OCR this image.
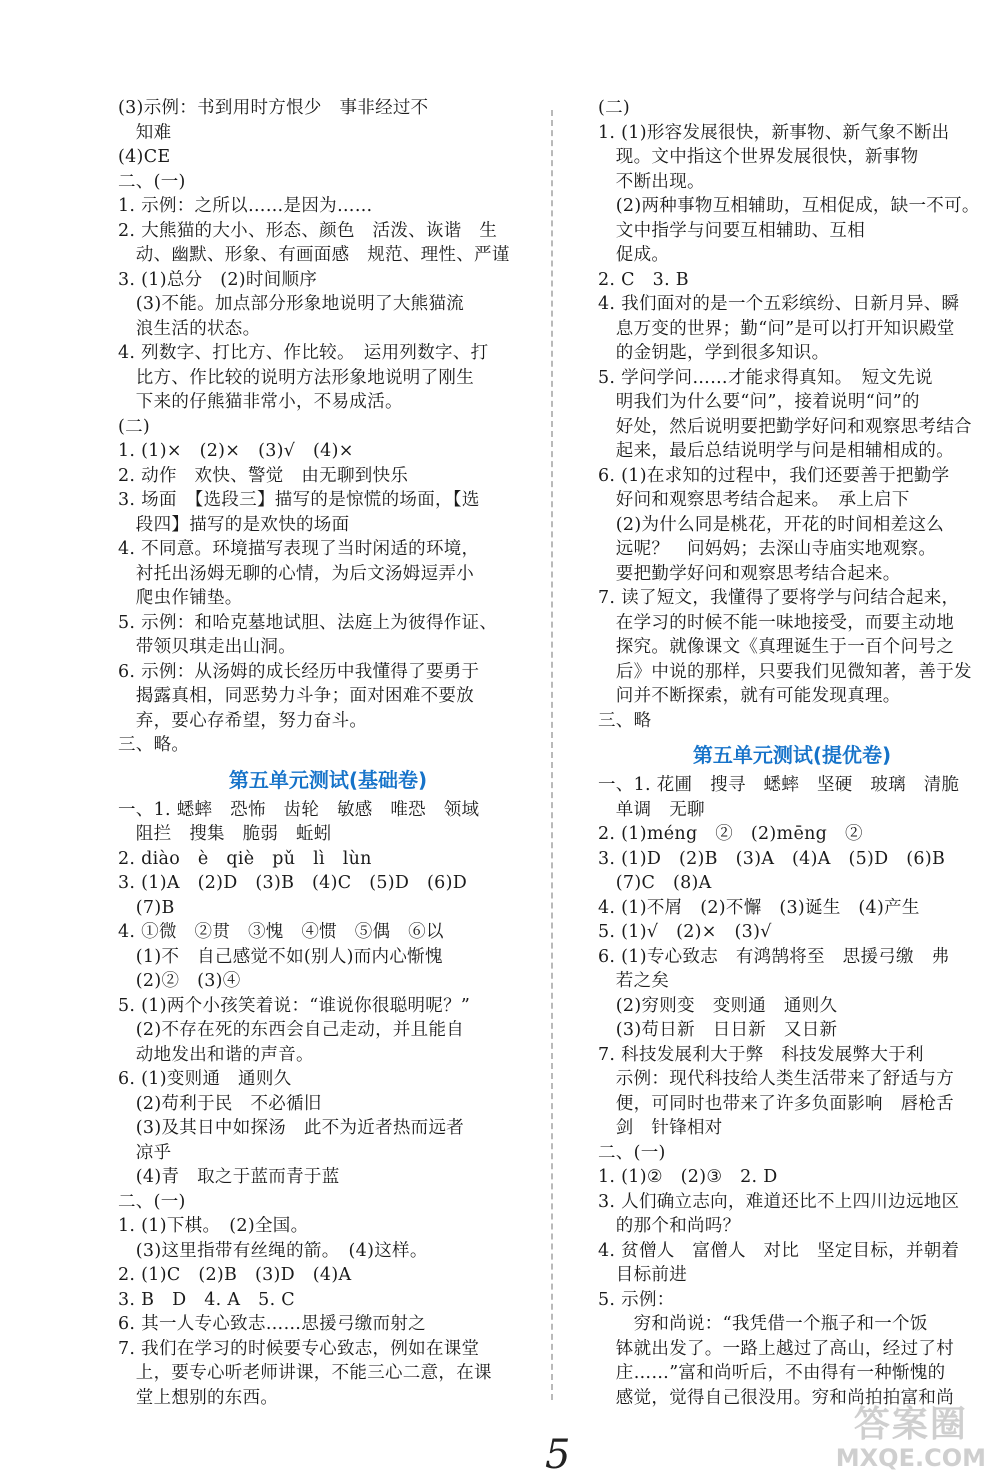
(3)示例：书到用时方恨少　事非经过不
　知难
(4)CE
二、(一)
1. 示例：之所以……是因为……
2. 大熊猫的大小、形态、颜色　活泼、诙谐　生
　动、幽默、形象、有画面感　规范、理性、严谨
3. (1)总分　(2)时间顺序
　(3)不能。加点部分形象地说明了大熊猫流
　浪生活的状态。
4. 列数字、打比方、作比较。　运用列数字、打
　比方、作比较的说明方法形象地说明了刚生
　下来的仔熊猫非常小，不易成活。
(二)
1. (1)×　(2)×　(3)√　(4)×
2. 动作　欢快、警觉　由无聊到快乐
3. 场面　【选段三】描写的是惊慌的场面，【选
　段四】描写的是欢快的场面
4. 不同意。环境描写表现了当时闲适的环境，
　衬托出汤姆无聊的心情，为后文汤姆逗弄小
　爬虫作铺垫。
5. 示例：和哈克墓地试胆、法庭上为彼得作证、
　带领贝琪走出山洞。
6. 示例：从汤姆的成长经历中我懂得了要勇于
　揭露真相，同恶势力斗争；面对困难不要放
　弃，要心存希望，努力奋斗。
三、略。
第五单元测试(基础卷)
一、1. 蟋蟀　恐怖　齿轮　敏感　唯恐　领域
　阻拦　搜集　脆弱　蚯蚓
2. diào　è　qiè　pǔ　lì　lùn
3. (1)A　(2)D　(3)B　(4)C　(5)D　(6)D
　(7)B
4. ①微　②贯　③愧　④惯　⑤偶　⑥以
　(1)不　自己感觉不如(别人)而内心惭愧
　(2)②　(3)④
5. (1)两个小孩笑着说：“谁说你很聪明呢？”
　(2)不存在死的东西会自己走动，并且能自
　动地发出和谐的声音。
6. (1)变则通　通则久
　(2)苟利于民　不必循旧
　(3)及其日中如探汤　此不为近者热而远者
　凉乎
　(4)青　取之于蓝而青于蓝
二、(一)
1. (1)下棋。　(2)全国。
　(3)这里指带有丝绳的箭。　(4)这样。
2. (1)C　(2)B　(3)D　(4)A
3. B　D　4. A　5. C
6. 其一人专心致志……思援弓缴而射之
7. 我们在学习的时候要专心致志，例如在课堂
　上，要专心听老师讲课，不能三心二意，在课
　堂上想别的东西。
(二)
1. (1)形容发展很快，新事物、新气象不断出
　现。文中指这个世界发展很快，新事物
　不断出现。
　(2)两种事物互相辅助，互相促成，缺一不可。
　文中指学与问要互相辅助、互相
　促成。
2. C　3. B
4. 我们面对的是一个五彩缤纷、日新月异、瞬
　息万变的世界；勤“问”是可以打开知识殿堂
　的金钥匙，学到很多知识。
5. 学问学问……才能求得真知。　短文先说
　明我们为什么要“问”，接着说明“问”的
　好处，然后说明要把勤学好问和观察思考结合
　起来，最后总结说明学与问是相辅相成的。
6. (1)在求知的过程中，我们还要善于把勤学
　好问和观察思考结合起来。　承上启下
　(2)为什么同是桃花，开花的时间相差这么
　远呢？　问妈妈；去深山寺庙实地观察。
　要把勤学好问和观察思考结合起来。
7. 读了短文，我懂得了要将学与问结合起来，
　在学习的时候不能一味地接受，而要主动地
　探究。就像课文《真理诞生于一百个问号之
　后》中说的那样，只要我们见微知著，善于发
　问并不断探索，就有可能发现真理。
三、略
第五单元测试(提优卷)
一、1. 花圃　搜寻　蟋蟀　坚硬　玻璃　清脆
　单调　无聊
2. (1)méng　②　(2)mēng　②
3. (1)D　(2)B　(3)A　(4)A　(5)D　(6)B
　(7)C　(8)A
4. (1)不屑　(2)不懈　(3)诞生　(4)产生
5. (1)√　(2)×　(3)√
6. (1)专心致志　有鸿鹄将至　思援弓缴　弗
　若之矣
　(2)穷则变　变则通　通则久
　(3)苟日新　日日新　又日新
7. 科技发展利大于弊　科技发展弊大于利
　示例：现代科技给人类生活带来了舒适与方
　便，可同时也带来了许多负面影响　唇枪舌
　剑　针锋相对
二、(一)
1. (1)②　(2)③　2. D
3. 人们确立志向，难道还比不上四川边远地区
　的那个和尚吗？
4. 贫僧人　富僧人　对比　坚定目标，并朝着
　目标前进
5. 示例：
　　穷和尚说：“我凭借一个瓶子和一个饭
　钵就出发了。一路上越过了高山，经过了村
　庄……”富和尚听后，不由得有一种惭愧的
　感觉，觉得自己很没用。穷和尚拍拍富和尚
5
答案圈
MXQE.COM
